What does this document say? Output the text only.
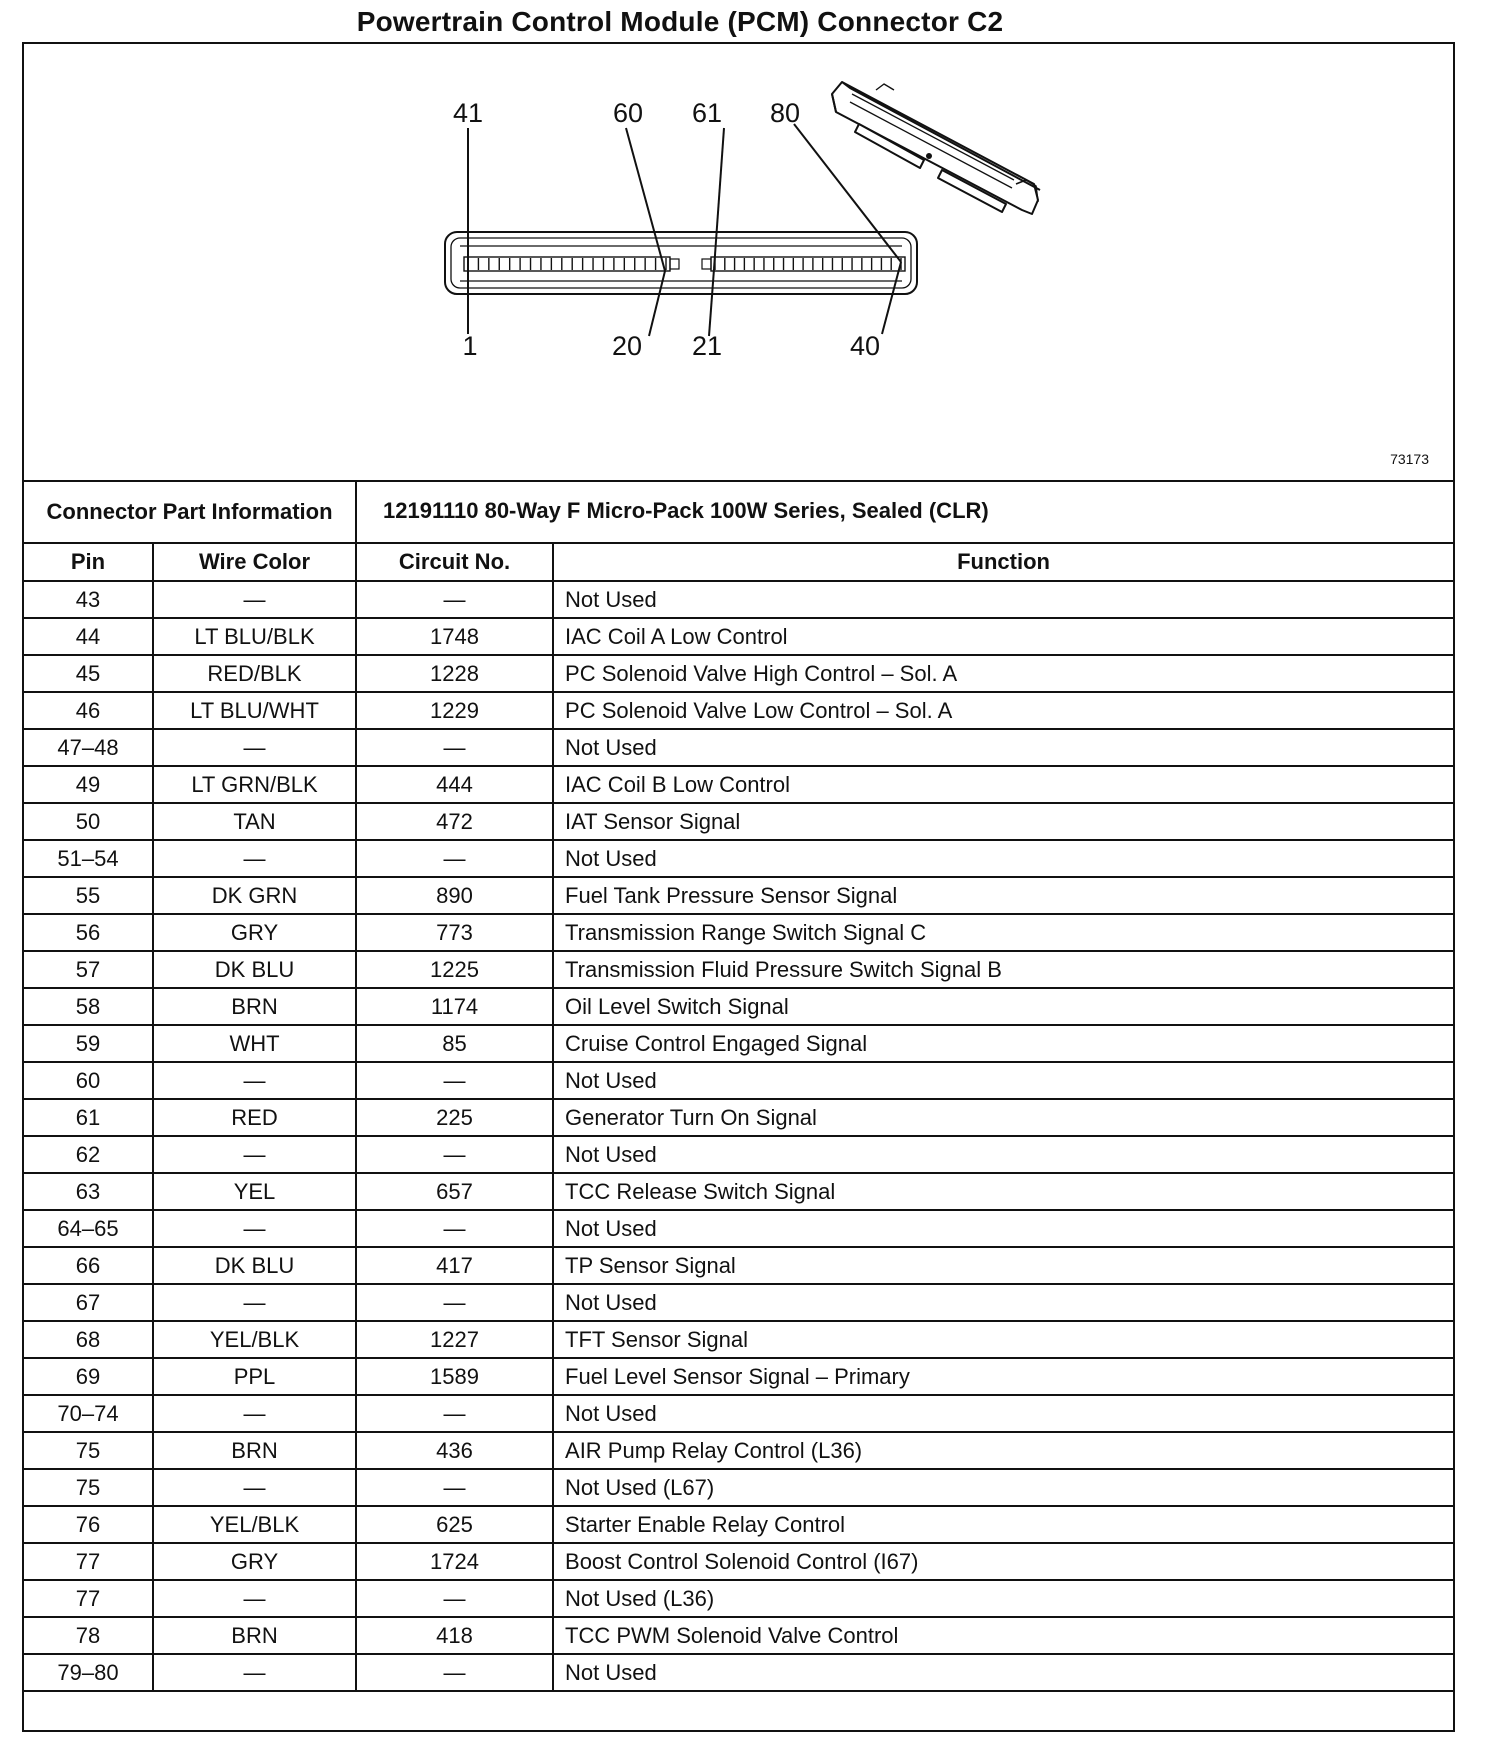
Powertrain Control Module (PCM) Connector C2
41	60 61 80
1	20 21	40
73173
Connector Part Information		12191110 80-Way F Micro-Pack 100W Series, Sealed (CLR)	
Pin	Wire Color	Circuit No.	Function
43	—	—	Not Used
44	LT BLU/BLK	1748	IAC Coil A Low Control
45	RED/BLK	1228	PC Solenoid Valve High Control – Sol. A
46	LT BLU/WHT	1229	PC Solenoid Valve Low Control – Sol. A
47–48	—	—	Not Used
49	LT GRN/BLK	444	IAC Coil B Low Control
50	TAN	472	IAT Sensor Signal
51–54	—	—	Not Used
55	DK GRN	890	Fuel Tank Pressure Sensor Signal
56	GRY	773	Transmission Range Switch Signal C
57	DK BLU	1225	Transmission Fluid Pressure Switch Signal B
58	BRN	1174	Oil Level Switch Signal
59	WHT	85	Cruise Control Engaged Signal
60	—	—	Not Used
61	RED	225	Generator Turn On Signal
62	—	—	Not Used
63	YEL	657	TCC Release Switch Signal
64–65	—	—	Not Used
66	DK BLU	417	TP Sensor Signal
67	—	—	Not Used
68	YEL/BLK	1227	TFT Sensor Signal
69	PPL	1589	Fuel Level Sensor Signal – Primary
70–74	—	—	Not Used
75	BRN	436	AIR Pump Relay Control (L36)
75	—	—	Not Used (L67)
76	YEL/BLK	625	Starter Enable Relay Control
77	GRY	1724	Boost Control Solenoid Control (I67)
77	—	—	Not Used (L36)
78	BRN	418	TCC PWM Solenoid Valve Control
79–80	—	—	Not Used
